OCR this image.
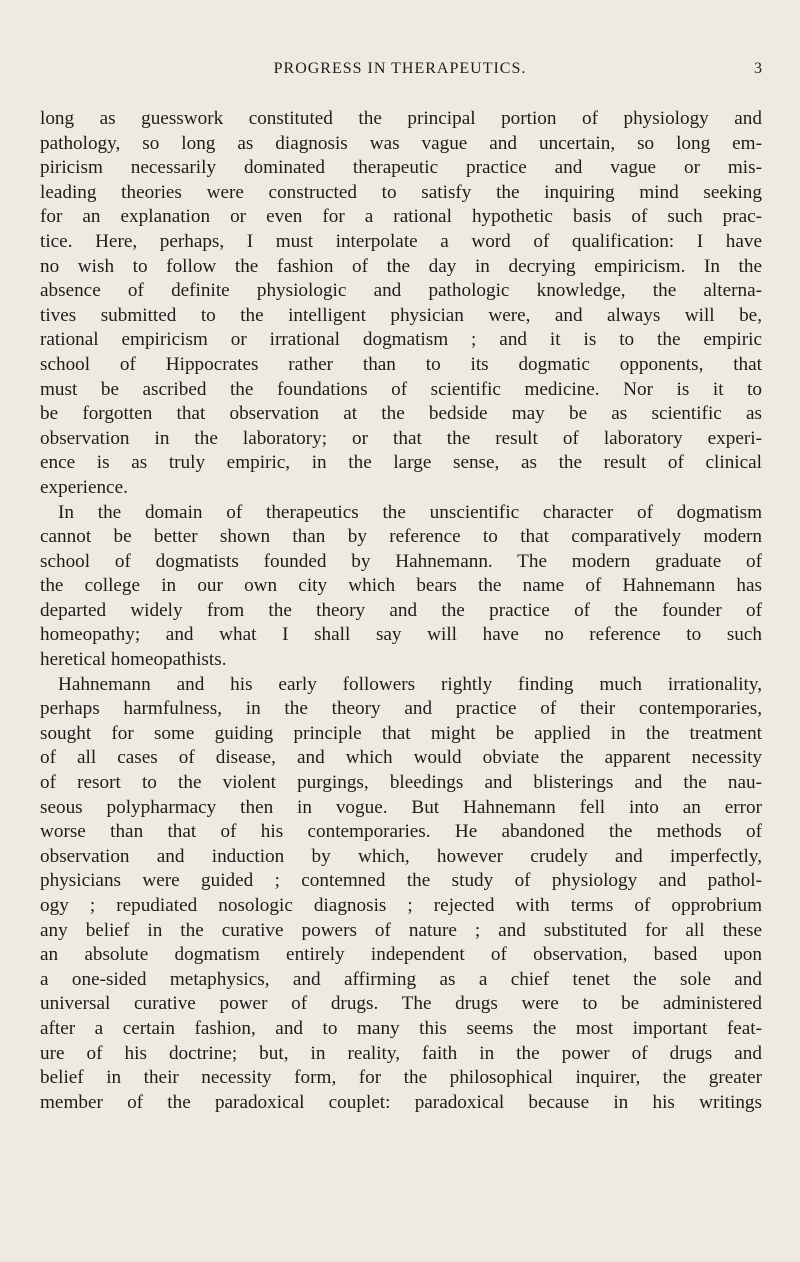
PROGRESS IN THERAPEUTICS.	3
long as guesswork constituted the principal portion of physiology and
pathology, so long as diagnosis was vague and uncertain, so long em-
piricism necessarily dominated therapeutic practice and vague or mis-
leading theories were constructed to satisfy the inquiring mind seeking
for an explanation or even for a rational hypothetic basis of such prac-
tice. Here, perhaps, I must interpolate a word of qualification: I have
no wish to follow the fashion of the day in decrying empiricism. In the
absence of definite physiologic and pathologic knowledge, the alterna-
tives submitted to the intelligent physician were, and always will be,
rational empiricism or irrational dogmatism ; and it is to the empiric
school of Hippocrates rather than to its dogmatic opponents, that
must be ascribed the foundations of scientific medicine. Nor is it to
be forgotten that observation at the bedside may be as scientific as
observation in the laboratory; or that the result of laboratory experi-
ence is as truly empiric, in the large sense, as the result of clinical
experience.
In the domain of therapeutics the unscientific character of dogmatism
cannot be better shown than by reference to that comparatively modern
school of dogmatists founded by Hahnemann. The modern graduate of
the college in our own city which bears the name of Hahnemann has
departed widely from the theory and the practice of the founder of
homeopathy; and what I shall say will have no reference to such
heretical homeopathists.
Hahnemann and his early followers rightly finding much irrationality,
perhaps harmfulness, in the theory and practice of their contemporaries,
sought for some guiding principle that might be applied in the treatment
of all cases of disease, and which would obviate the apparent necessity
of resort to the violent purgings, bleedings and blisterings and the nau-
seous polypharmacy then in vogue. But Hahnemann fell into an error
worse than that of his contemporaries. He abandoned the methods of
observation and induction by which, however crudely and imperfectly,
physicians were guided ; contemned the study of physiology and pathol-
ogy ; repudiated nosologic diagnosis ; rejected with terms of opprobrium
any belief in the curative powers of nature ; and substituted for all these
an absolute dogmatism entirely independent of observation, based upon
a one-sided metaphysics, and affirming as a chief tenet the sole and
universal curative power of drugs. The drugs were to be administered
after a certain fashion, and to many this seems the most important feat-
ure of his doctrine; but, in reality, faith in the power of drugs and
belief in their necessity form, for the philosophical inquirer, the greater
member of the paradoxical couplet: paradoxical because in his writings
